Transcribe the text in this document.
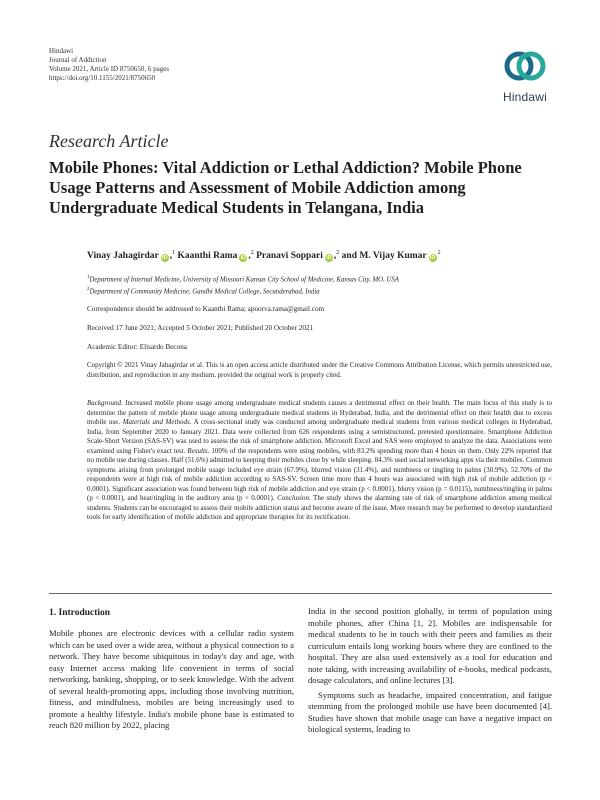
Hindawi
Journal of Addiction
Volume 2021, Article ID 8750650, 6 pages
https://doi.org/10.1155/2021/8750650
Hindawi
Research Article
Mobile Phones: Vital Addiction or Lethal Addiction? Mobile Phone Usage Patterns and Assessment of Mobile Addiction among Undergraduate Medical Students in Telangana, India
Vinay Jahagirdar iD ,$^1$ Kaanthi Rama iD ,$^2$ Pranavi Soppari iD ,$^2$ and M. Vijay Kumar $iD^2$
$^1$Department of Internal Medicine, University of Missouri Kansas City School of Medicine, Kansas City, MO, USA
$^2$Department of Community Medicine, Gandhi Medical College, Secunderabad, India
Correspondence should be addressed to Kaanthi Rama; apoorva.rama@gmail.com
Received 17 June 2021; Accepted 5 October 2021; Published 20 October 2021
Academic Editor: Elisardo Becona
Copyright © 2021 Vinay Jahagirdar et al. This is an open access article distributed under the Creative Commons Attribution License, which permits unrestricted use, distribution, and reproduction in any medium, provided the original work is properly cited.
Background. Increased mobile phone usage among undergraduate medical students causes a detrimental effect on their health. The main focus of this study is to determine the pattern of mobile phone usage among undergraduate medical students in Hyderabad, India, and the detrimental effect on their health due to excess mobile use. Materials and Methods. A cross-sectional study was conducted among undergraduate medical students from various medical colleges in Hyderabad, India, from September 2020 to January 2021. Data were collected from 626 respondents using a semistructured, pretested questionnaire. Smartphone Addiction Scale-Short Version (SAS-SV) was used to assess the risk of smartphone addiction. Microsoft Excel and SAS were employed to analyze the data. Associations were examined using Fisher's exact test. Results. 100% of the respondents were using mobiles, with 83.2% spending more than 4 hours on them. Only 22% reported that no mobile use during classes. Half (51.6%) admitted to keeping their mobiles close by while sleeping. 84.3% used social networking apps via their mobiles. Common symptoms arising from prolonged mobile usage included eye strain (67.9%), blurred vision (31.4%), and numbness or tingling in palms (30.9%). 52.70% of the respondents were at high risk of mobile addiction according to SAS-SV. Screen time more than 4 hours was associated with high risk of mobile addiction (p < 0.0001). Significant association was found between high risk of mobile addiction and eye strain (p < 0.0001), blurry vision (p = 0.0115), numbness/tingling in palms (p < 0.0001), and heat/tingling in the auditory area (p < 0.0001). Conclusion. The study shows the alarming rate of risk of smartphone addiction among medical students. Students can be encouraged to assess their mobile addiction status and become aware of the issue. More research may be performed to develop standardized tools for early identification of mobile addiction and appropriate therapies for its rectification.
1. Introduction

Mobile phones are electronic devices with a cellular radio system which can be used over a wide area, without a physical connection to a network. They have become ubiquitous in today's day and age, with easy Internet access making life convenient in terms of social networking, banking, shopping, or to seek knowledge. With the advent of several health-promoting apps, including those involving nutrition, fitness, and mindfulness, mobiles are being increasingly used to promote a healthy lifestyle. India's mobile phone base is estimated to reach 820 million by 2022, placing

India in the second position globally, in terms of population using mobile phones, after China [1, 2]. Mobiles are indispensable for medical students to be in touch with their peers and families as their curriculum entails long working hours where they are confined to the hospital. They are also used extensively as a tool for education and note taking, with increasing availability of e-books, medical podcasts, dosage calculators, and online lectures [3].

Symptoms such as headache, impaired concentration, and fatigue stemming from the prolonged mobile use have been documented [4]. Studies have shown that mobile usage can have a negative impact on biological systems, leading to
